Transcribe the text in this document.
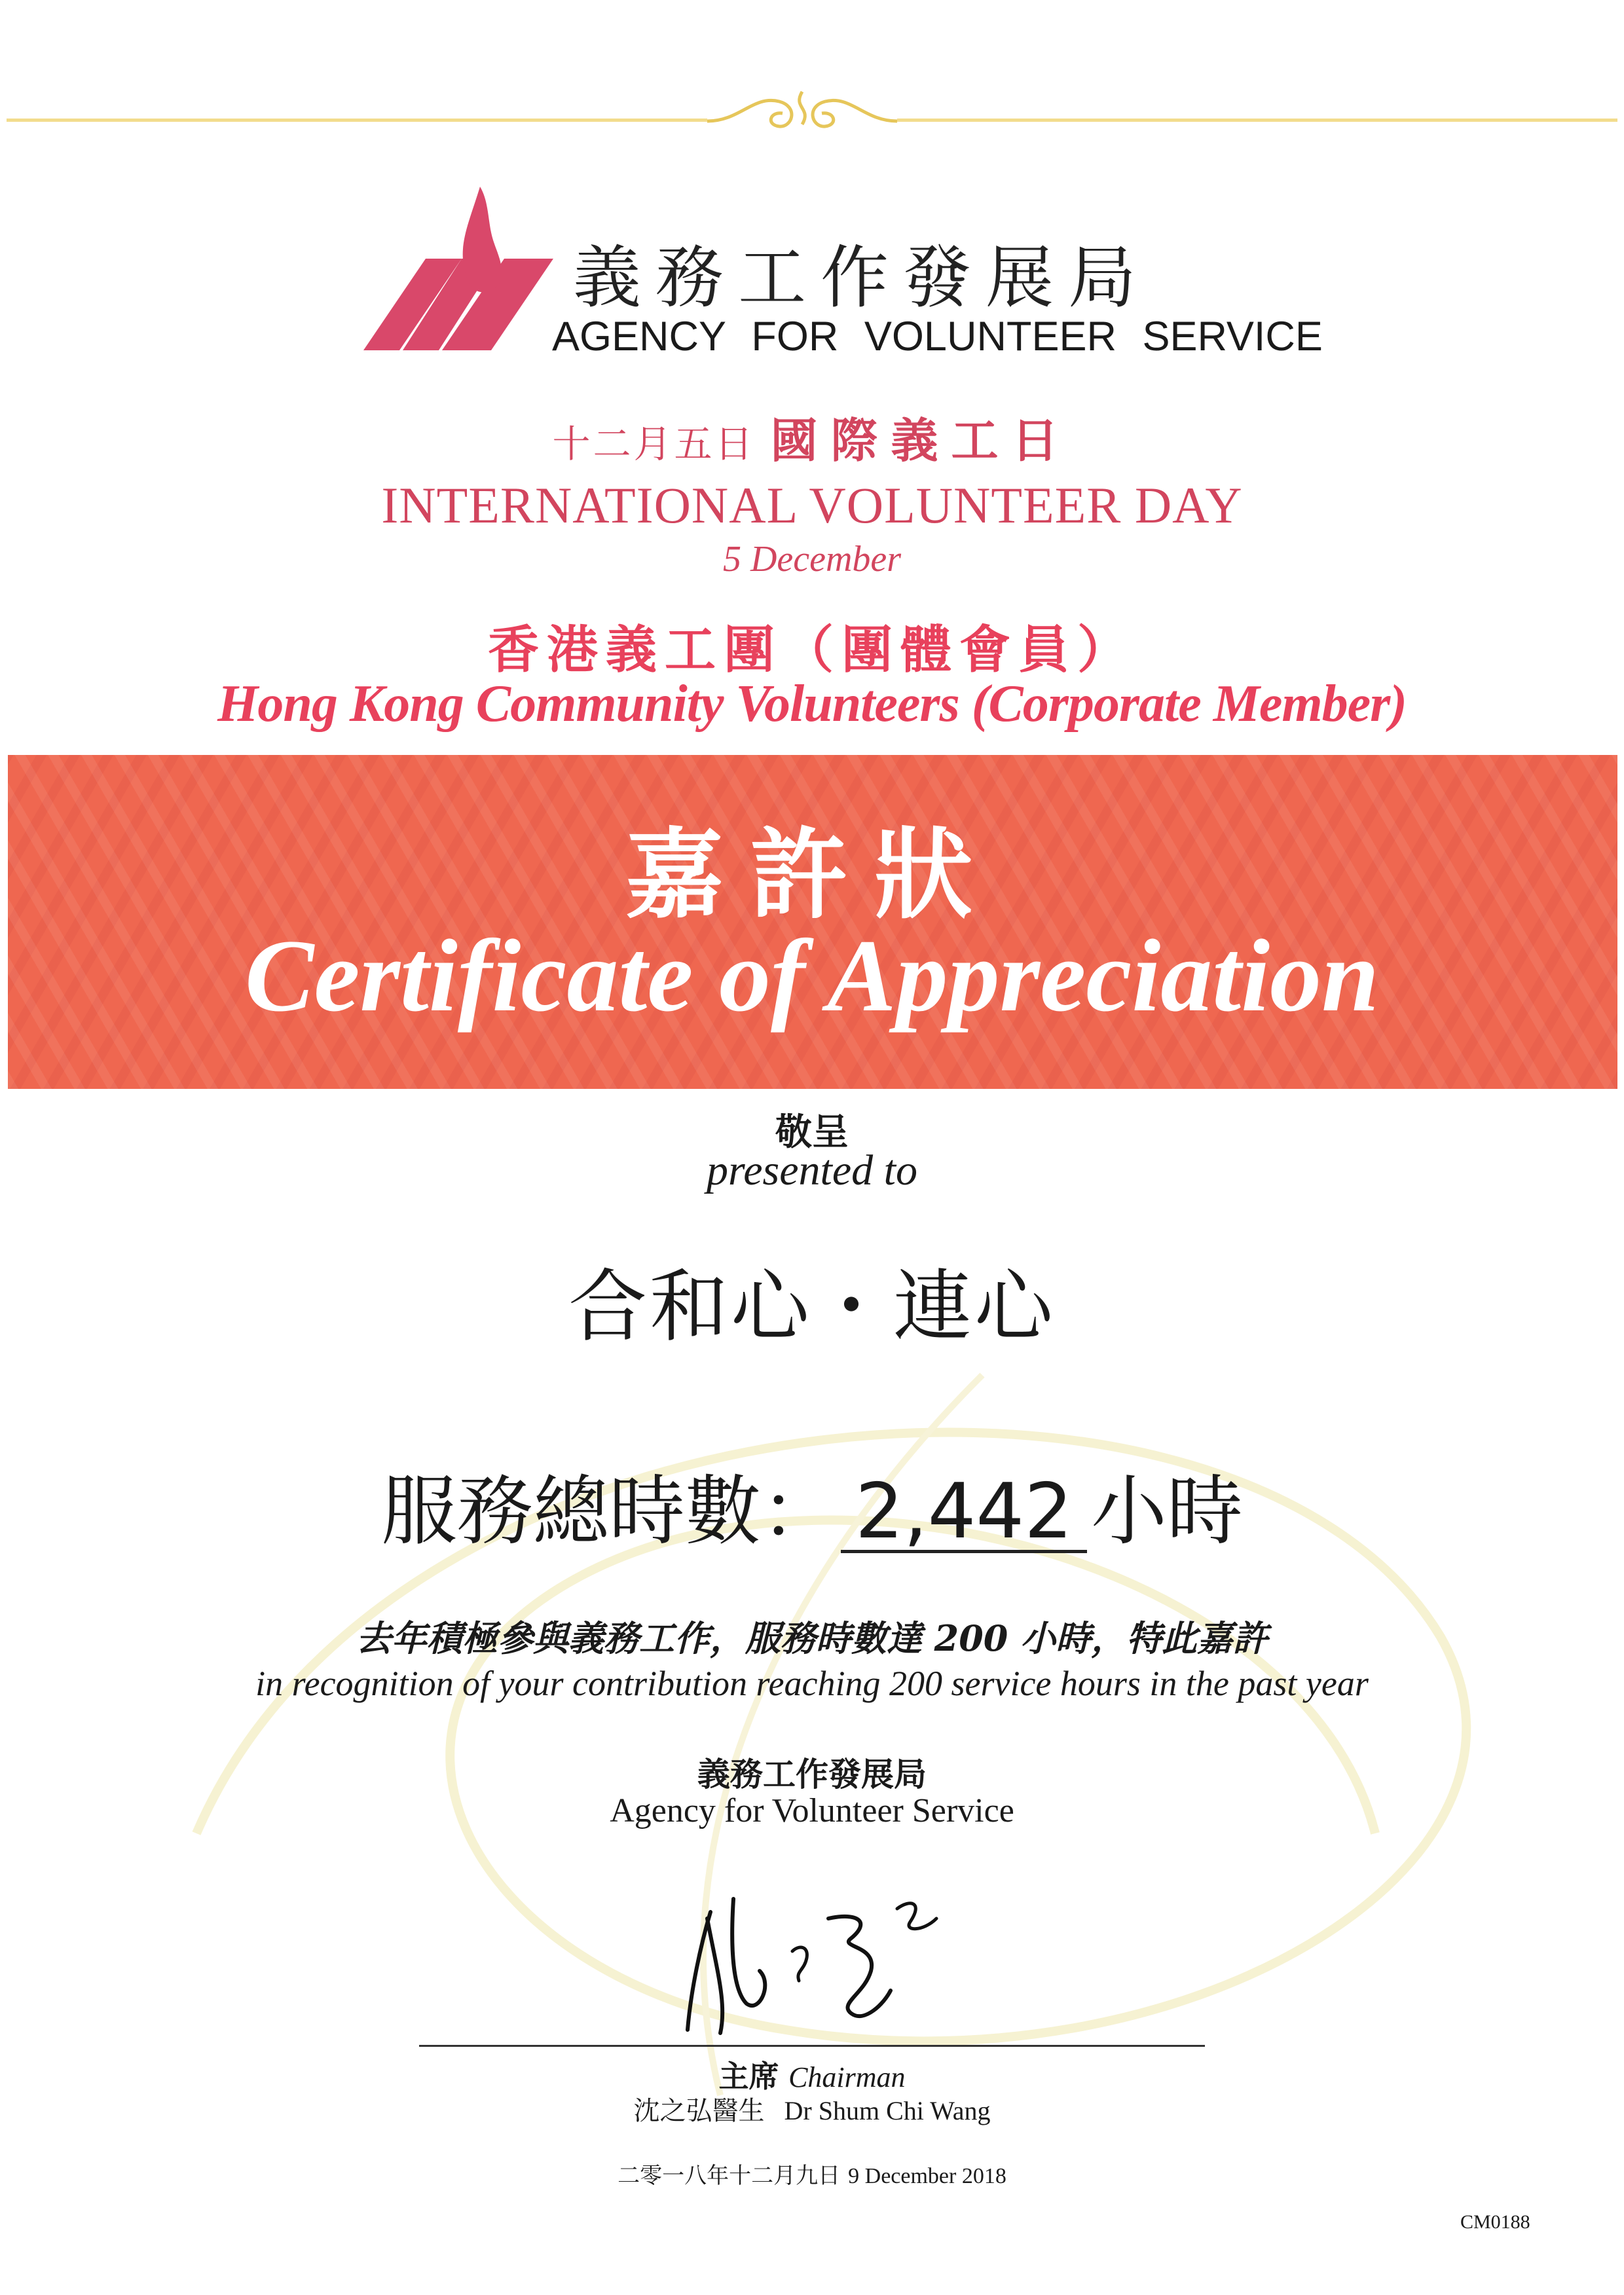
義務工作發展局
AGENCY FOR VOLUNTEER SERVICE
十二月五日 國際義工日
INTERNATIONAL VOLUNTEER DAY
5 December
香港義工團（團體會員）
Hong Kong Community Volunteers (Corporate Member)
嘉許狀
Certificate of Appreciation
敬呈
presented to
合和心・連心
服務總時數： 2,442 小時
去年積極參與義務工作，服務時數達 200 小時，特此嘉許
in recognition of your contribution reaching 200 service hours in the past year
義務工作發展局
Agency for Volunteer Service
主席 Chairman
沈之弘醫生 Dr Shum Chi Wang
二零一八年十二月九日 9 December 2018
CM0188
